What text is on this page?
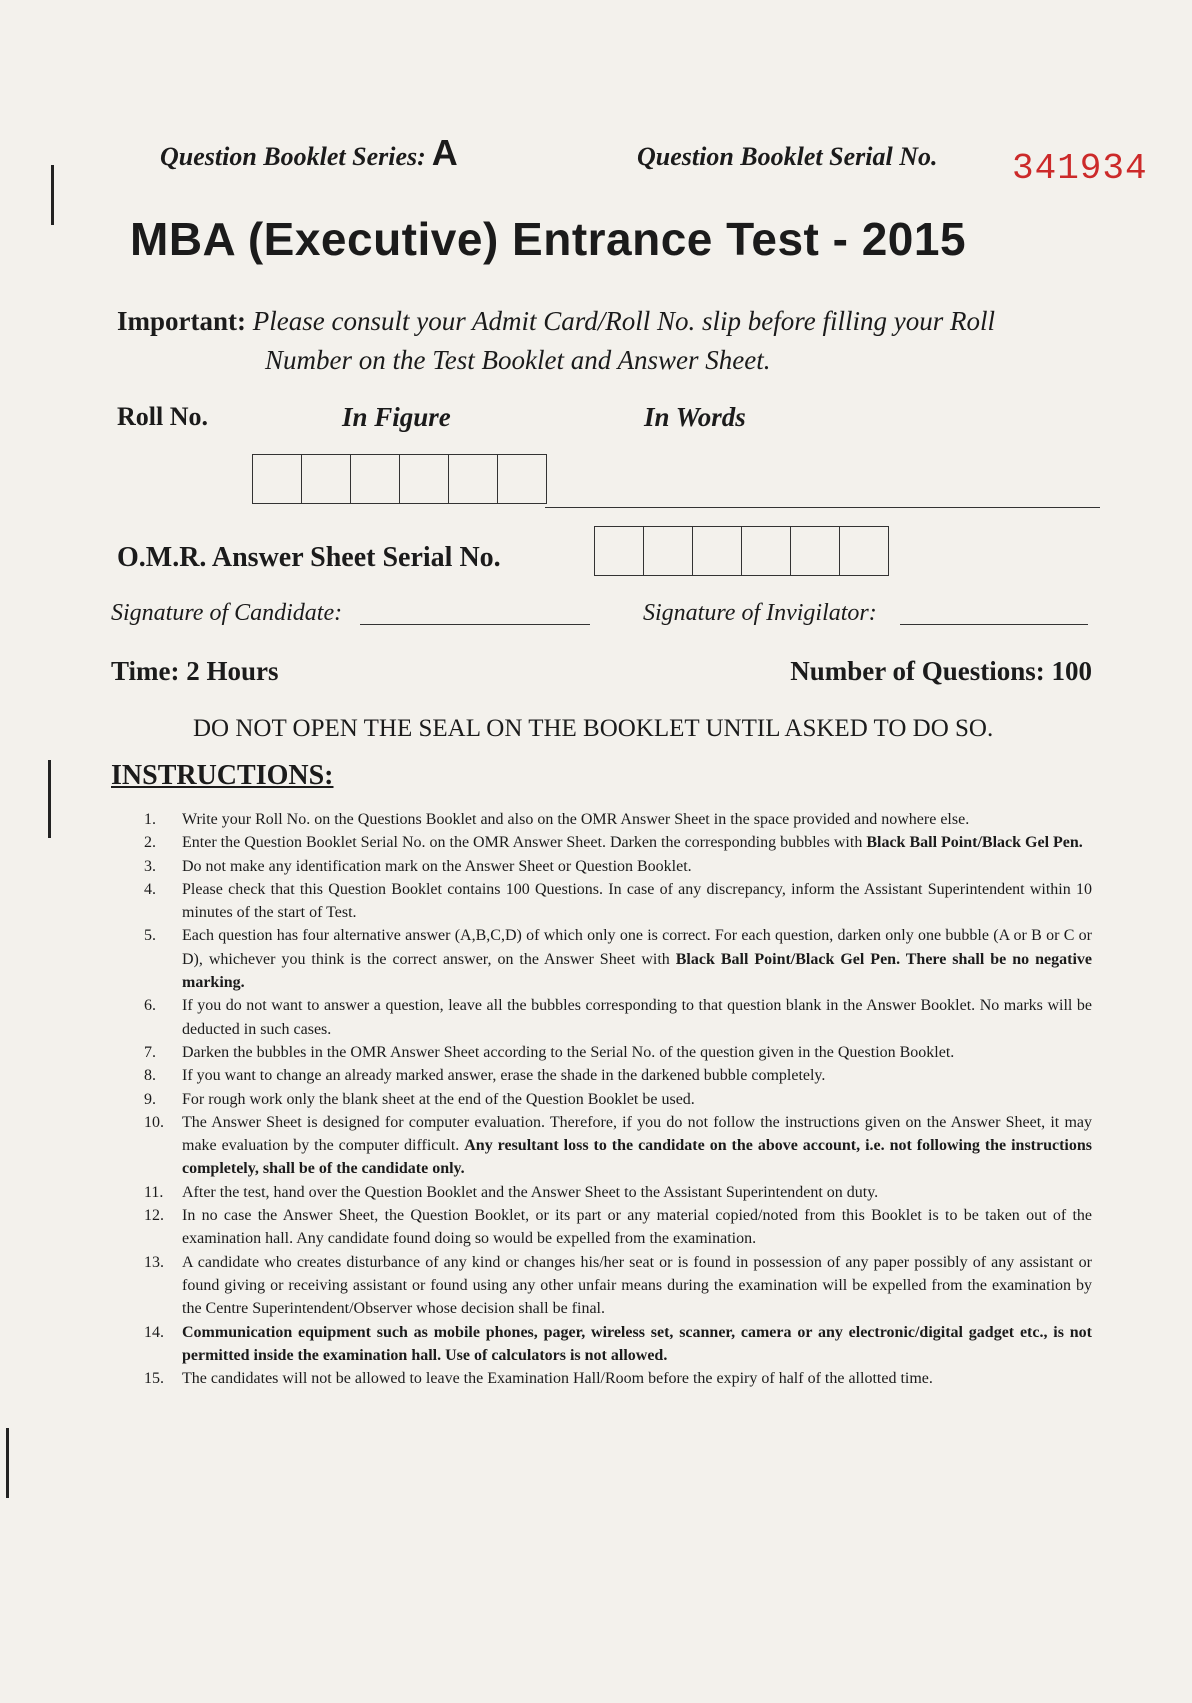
Question Booklet Series: A	Question Booklet Serial No. 341934
MBA (Executive) Entrance Test - 2015
Important: Please consult your Admit Card/Roll No. slip before filling your Roll
Number on the Test Booklet and Answer Sheet.
Roll No.	In Figure	In Words
O.M.R. Answer Sheet Serial No.
Signature of Candidate:	Signature of Invigilator:
Time: 2 Hours	Number of Questions: 100
DO NOT OPEN THE SEAL ON THE BOOKLET UNTIL ASKED TO DO SO.
INSTRUCTIONS:
1. Write your Roll No. on the Questions Booklet and also on the OMR Answer Sheet in the space provided and nowhere else.
2. Enter the Question Booklet Serial No. on the OMR Answer Sheet. Darken the corresponding bubbles with Black Ball Point/Black Gel Pen.
3. Do not make any identification mark on the Answer Sheet or Question Booklet.
4. Please check that this Question Booklet contains 100 Questions. In case of any discrepancy, inform the Assistant Superintendent within 10 minutes of the start of Test.
5. Each question has four alternative answer (A,B,C,D) of which only one is correct. For each question, darken only one bubble (A or B or C or D), whichever you think is the correct answer, on the Answer Sheet with Black Ball Point/Black Gel Pen. There shall be no negative marking.
6. If you do not want to answer a question, leave all the bubbles corresponding to that question blank in the Answer Booklet. No marks will be deducted in such cases.
7. Darken the bubbles in the OMR Answer Sheet according to the Serial No. of the question given in the Question Booklet.
8. If you want to change an already marked answer, erase the shade in the darkened bubble completely.
9. For rough work only the blank sheet at the end of the Question Booklet be used.
10. The Answer Sheet is designed for computer evaluation. Therefore, if you do not follow the instructions given on the Answer Sheet, it may make evaluation by the computer difficult. Any resultant loss to the candidate on the above account, i.e. not following the instructions completely, shall be of the candidate only.
11. After the test, hand over the Question Booklet and the Answer Sheet to the Assistant Superintendent on duty.
12. In no case the Answer Sheet, the Question Booklet, or its part or any material copied/noted from this Booklet is to be taken out of the examination hall. Any candidate found doing so would be expelled from the examination.
13. A candidate who creates disturbance of any kind or changes his/her seat or is found in possession of any paper possibly of any assistant or found giving or receiving assistant or found using any other unfair means during the examination will be expelled from the examination by the Centre Superintendent/Observer whose decision shall be final.
14. Communication equipment such as mobile phones, pager, wireless set, scanner, camera or any electronic/digital gadget etc., is not permitted inside the examination hall. Use of calculators is not allowed.
15. The candidates will not be allowed to leave the Examination Hall/Room before the expiry of half of the allotted time.
